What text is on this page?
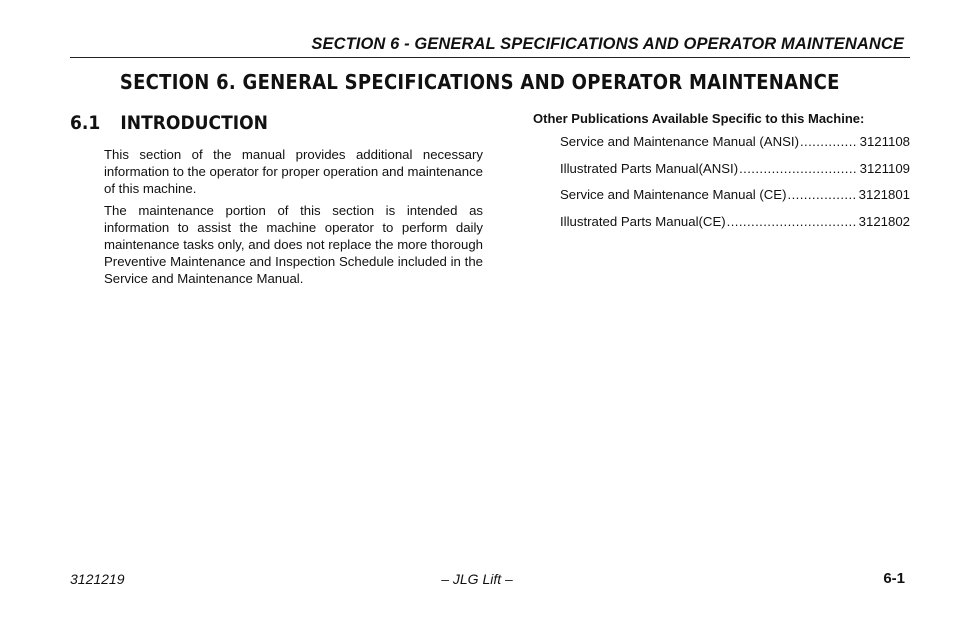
SECTION 6 - GENERAL SPECIFICATIONS AND OPERATOR MAINTENANCE
SECTION 6. GENERAL SPECIFICATIONS AND OPERATOR MAINTENANCE
6.1 INTRODUCTION

This section of the manual provides additional necessary information to the operator for proper operation and maintenance of this machine.

The maintenance portion of this section is intended as information to assist the machine operator to perform daily maintenance tasks only, and does not replace the more thorough Preventive Maintenance and Inspection Schedule included in the Service and Maintenance Manual.

Other Publications Available Specific to this Machine:
Service and Maintenance Manual (ANSI) .....	3121108
Illustrated Parts Manual(ANSI) .....	3121109
Service and Maintenance Manual (CE) .....	3121801
Illustrated Parts Manual(CE) .....	3121802
3121219	– JLG Lift –	6-1
